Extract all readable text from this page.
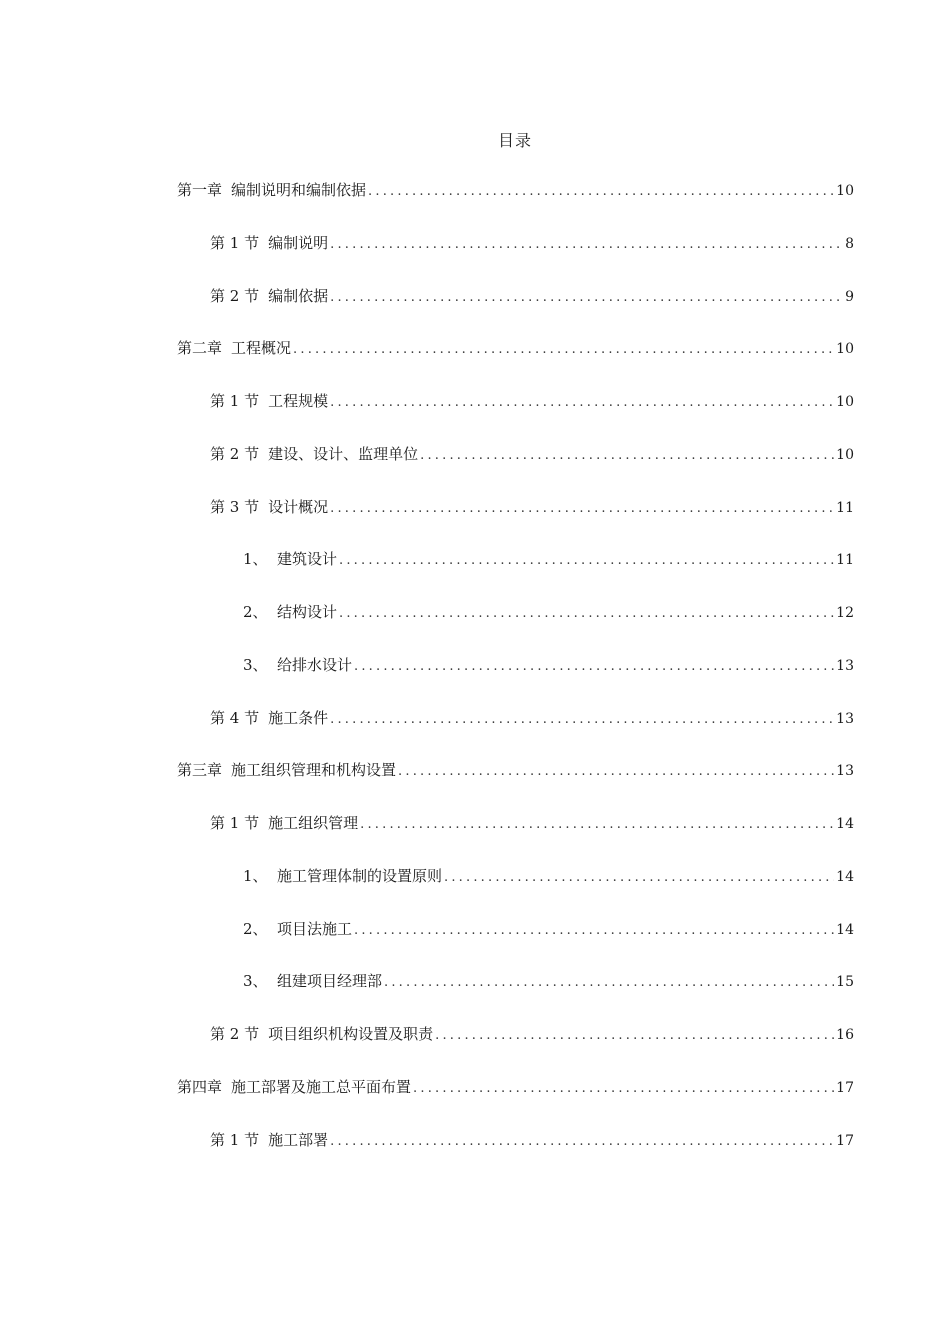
目录
第一章 编制说明和编制依据 .....	10
第 1 节 编制说明 .....	8
第 2 节 编制依据 .....	9
第二章 工程概况 .....	10
第 1 节 工程规模 .....	10
第 2 节 建设、设计、监理单位 .....	10
第 3 节 设计概况 .....	11
1、 建筑设计 .....	11
2、 结构设计 .....	12
3、 给排水设计 .....	13
第 4 节 施工条件 .....	13
第三章 施工组织管理和机构设置 .....	13
第 1 节 施工组织管理 .....	14
1、 施工管理体制的设置原则 .....	14
2、 项目法施工 .....	14
3、 组建项目经理部 .....	15
第 2 节 项目组织机构设置及职责 .....	16
第四章 施工部署及施工总平面布置 .....	17
第 1 节 施工部署 .....	17
